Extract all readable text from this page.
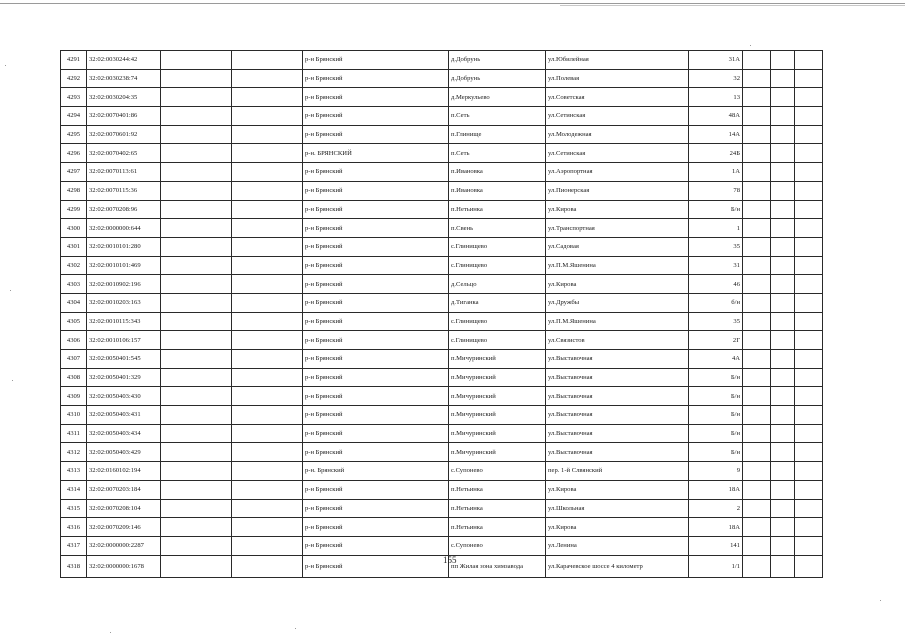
4291	32:02:0030244:42			р-н Брянский	д.Добрунь	ул.Юбилейная	31А			
4292	32:02:0030238:74			р-н Брянский	д.Добрунь	ул.Полевая	32			
4293	32:02:0030204:35			р-н Брянский	д.Меркульево	ул.Советская	13			
4294	32:02:0070401:86			р-н Брянский	п.Сеть	ул.Сетинская	48А			
4295	32:02:0070601:92			р-н Брянский	п.Глинище	ул.Молодежная	14А			
4296	32:02:0070402:65			р-н. БРЯНСКИЙ	п.Сеть	ул.Сетинская	24Б			
4297	32:02:0070113:61			р-н Брянский	п.Ивановка	ул.Аэропортная	1А			
4298	32:02:0070115:36			р-н Брянский	п.Ивановка	ул.Пионерская	78			
4299	32:02:0070208:96			р-н Брянский	п.Нетьинка	ул.Кирова	Б/н			
4300	32:02:0000000:644			р-н Брянский	п.Свень	ул.Транспортная	1			
4301	32:02:0010101:280			р-н Брянский	с.Глинищево	ул.Садовая	35			
4302	32:02:0010101:469			р-н Брянский	с.Глинищево	ул.П.М.Яшенина	31			
4303	32:02:0010902:196			р-н Брянский	д.Сельцо	ул.Кирова	46			
4304	32:02:0010203:163			р-н Брянский	д.Тиганка	ул.Дружбы	б/н			
4305	32:02:0010115:343			р-н Брянский	с.Глинищево	ул.П.М.Яшенина	35			
4306	32:02:0010106:157			р-н Брянский	с.Глинищево	ул.Связистов	2Г			
4307	32:02:0050401:545			р-н Брянский	п.Мичуринский	ул.Выставочная	4А			
4308	32:02:0050401:329			р-н Брянский	п.Мичуринский	ул.Выставочная	Б/н			
4309	32:02:0050403:430			р-н Брянский	п.Мичуринский	ул.Выставочная	Б/н			
4310	32:02:0050403:431			р-н Брянский	п.Мичуринский	ул.Выставочная	Б/н			
4311	32:02:0050403:434			р-н Брянский	п.Мичуринский	ул.Выставочная	Б/н			
4312	32:02:0050403:429			р-н Брянский	п.Мичуринский	ул.Выставочная	Б/н			
4313	32:02:0160102:194			р-н. Брянский	с.Супонево	пер. 1-й Слвянский	9			
4314	32:02:0070203:184			р-н Брянский	п.Нетьинка	ул.Кирова	18А			
4315	32:02:0070208:104			р-н Брянский	п.Нетьинка	ул.Школьная	2			
4316	32:02:0070209:146			р-н Брянский	п.Нетьинка	ул.Кирова	18А			
4317	32:02:0000000:2287			р-н Брянский	с.Супонево	ул.Ленина	141			
4318	32:02:0000000:1678			р-н Брянский	пп Жилая зона химзавода	ул.Карачевское шоссе 4 километр	1/1			
155
